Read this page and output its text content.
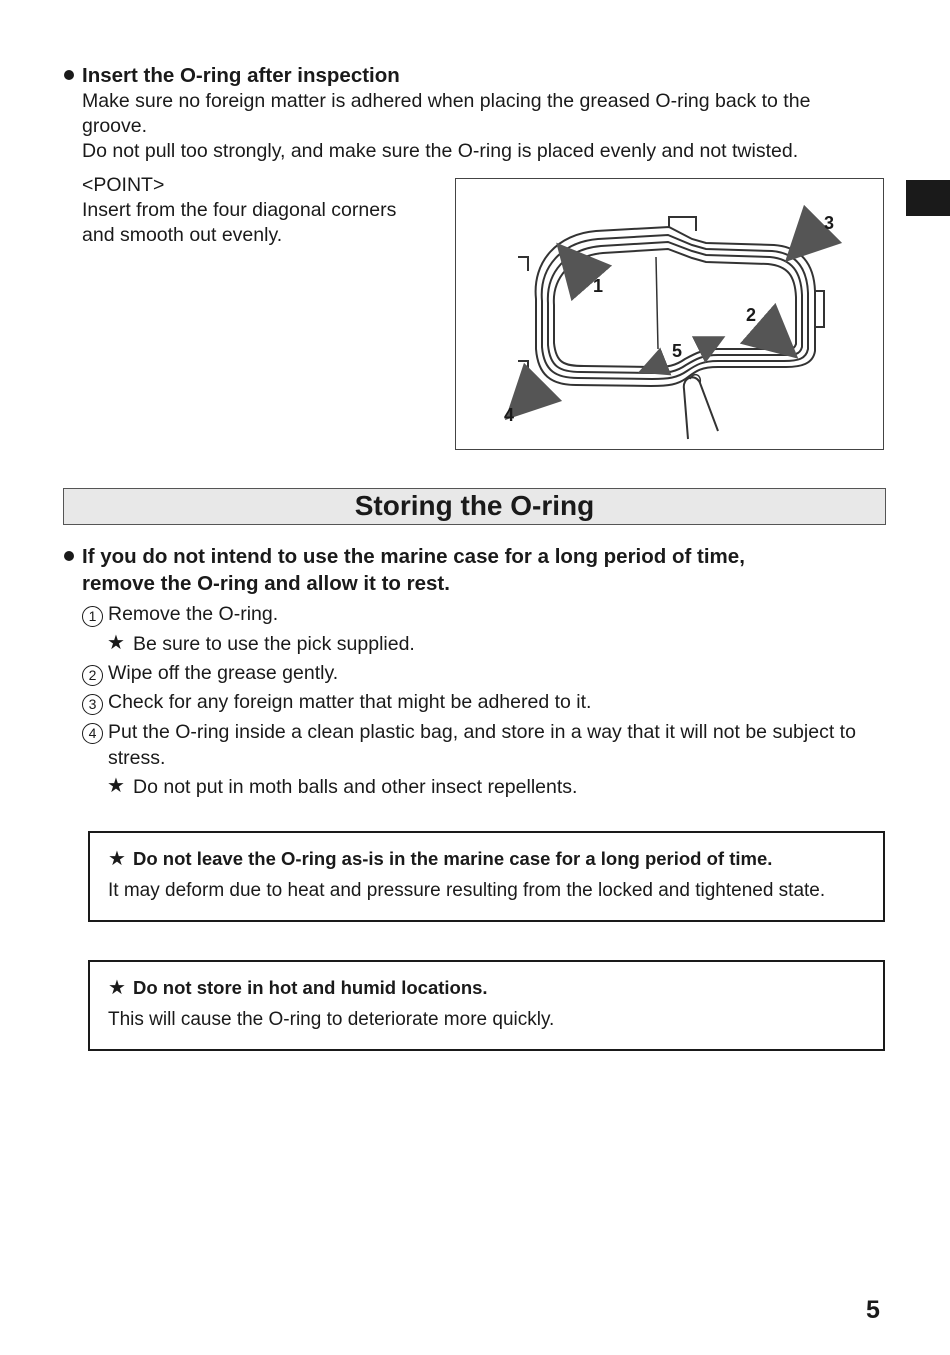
Insert the O-ring after inspection
Make sure no foreign matter is adhered when placing the greased O-ring back to the
groove.
Do not pull too strongly, and make sure the O-ring is placed evenly and not twisted.
<POINT>
Insert from the four diagonal corners
and smooth out evenly.
1
2
3
4
5
Storing the O-ring
If you do not intend to use the marine case for a long period of time,
remove the O-ring and allow it to rest.
1 Remove the O-ring.
★ Be sure to use the pick supplied.
2 Wipe off the grease gently.
3 Check for any foreign matter that might be adhered to it.
4 Put the O-ring inside a clean plastic bag, and store in a way that it will not be subject to
stress.
★ Do not put in moth balls and other insect repellents.
★ Do not leave the O-ring as-is in the marine case for a long period of time.
It may deform due to heat and pressure resulting from the locked and tightened state.
★ Do not store in hot and humid locations.
This will cause the O-ring to deteriorate more quickly.
5
